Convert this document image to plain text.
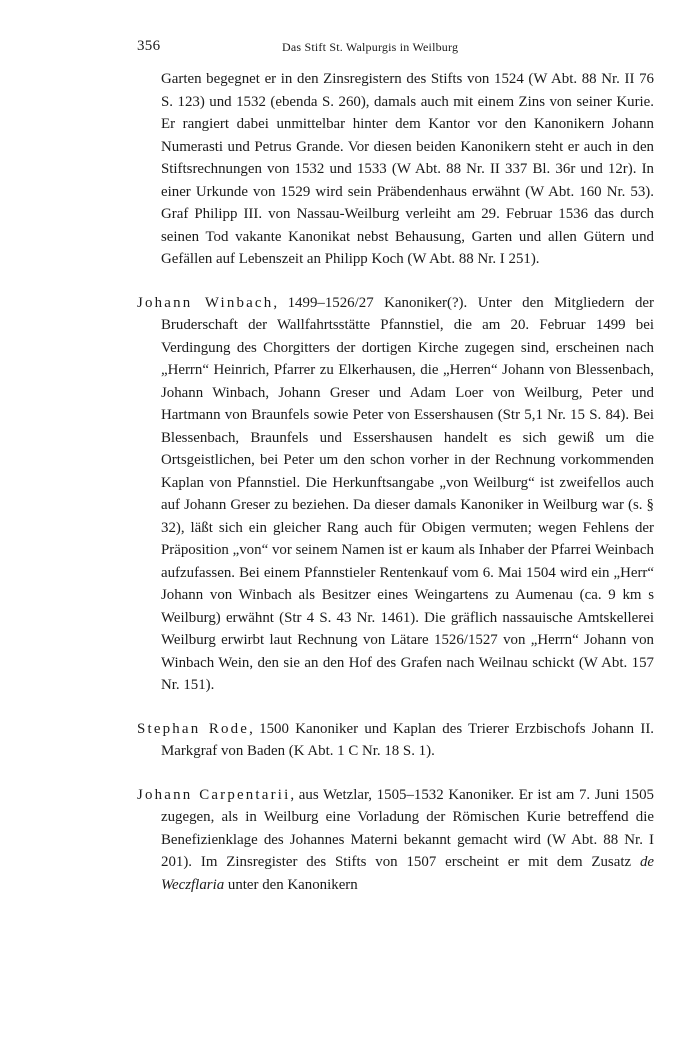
356	Das Stift St. Walpurgis in Weilburg

Garten begegnet er in den Zinsregistern des Stifts von 1524 (W Abt. 88 Nr. II 76 S. 123) und 1532 (ebenda S. 260), damals auch mit einem Zins von seiner Kurie. Er rangiert dabei unmittelbar hinter dem Kantor vor den Kanonikern Johann Numerasti und Petrus Grande. Vor diesen beiden Kanonikern steht er auch in den Stiftsrechnungen von 1532 und 1533 (W Abt. 88 Nr. II 337 Bl. 36r und 12r). In einer Urkunde von 1529 wird sein Präbendenhaus erwähnt (W Abt. 160 Nr. 53). Graf Philipp III. von Nassau-Weilburg verleiht am 29. Februar 1536 das durch seinen Tod vakante Kanonikat nebst Behausung, Garten und allen Gütern und Gefällen auf Lebenszeit an Philipp Koch (W Abt. 88 Nr. I 251).

Johann Winbach, 1499–1526/27 Kanoniker(?). Unter den Mitgliedern der Bruderschaft der Wallfahrtsstätte Pfannstiel, die am 20. Februar 1499 bei Verdingung des Chorgitters der dortigen Kirche zugegen sind, erscheinen nach „Herrn“ Heinrich, Pfarrer zu Elkerhausen, die „Herren“ Johann von Blessenbach, Johann Winbach, Johann Greser und Adam Loer von Weilburg, Peter und Hartmann von Braunfels sowie Peter von Essershausen (Str 5,1 Nr. 15 S. 84). Bei Blessenbach, Braunfels und Essershausen handelt es sich gewiß um die Ortsgeistlichen, bei Peter um den schon vorher in der Rechnung vorkommenden Kaplan von Pfannstiel. Die Herkunftsangabe „von Weilburg“ ist zweifellos auch auf Johann Greser zu beziehen. Da dieser damals Kanoniker in Weilburg war (s. § 32), läßt sich ein gleicher Rang auch für Obigen vermuten; wegen Fehlens der Präposition „von“ vor seinem Namen ist er kaum als Inhaber der Pfarrei Weinbach aufzufassen. Bei einem Pfannstieler Rentenkauf vom 6. Mai 1504 wird ein „Herr“ Johann von Winbach als Besitzer eines Weingartens zu Aumenau (ca. 9 km s Weilburg) erwähnt (Str 4 S. 43 Nr. 1461). Die gräflich nassauische Amtskellerei Weilburg erwirbt laut Rechnung von Lätare 1526/1527 von „Herrn“ Johann von Winbach Wein, den sie an den Hof des Grafen nach Weilnau schickt (W Abt. 157 Nr. 151).

Stephan Rode, 1500 Kanoniker und Kaplan des Trierer Erzbischofs Johann II. Markgraf von Baden (K Abt. 1 C Nr. 18 S. 1).

Johann Carpentarii, aus Wetzlar, 1505–1532 Kanoniker. Er ist am 7. Juni 1505 zugegen, als in Weilburg eine Vorladung der Römischen Kurie betreffend die Benefizienklage des Johannes Materni bekannt gemacht wird (W Abt. 88 Nr. I 201). Im Zinsregister des Stifts von 1507 erscheint er mit dem Zusatz de Weczflaria unter den Kanonikern
